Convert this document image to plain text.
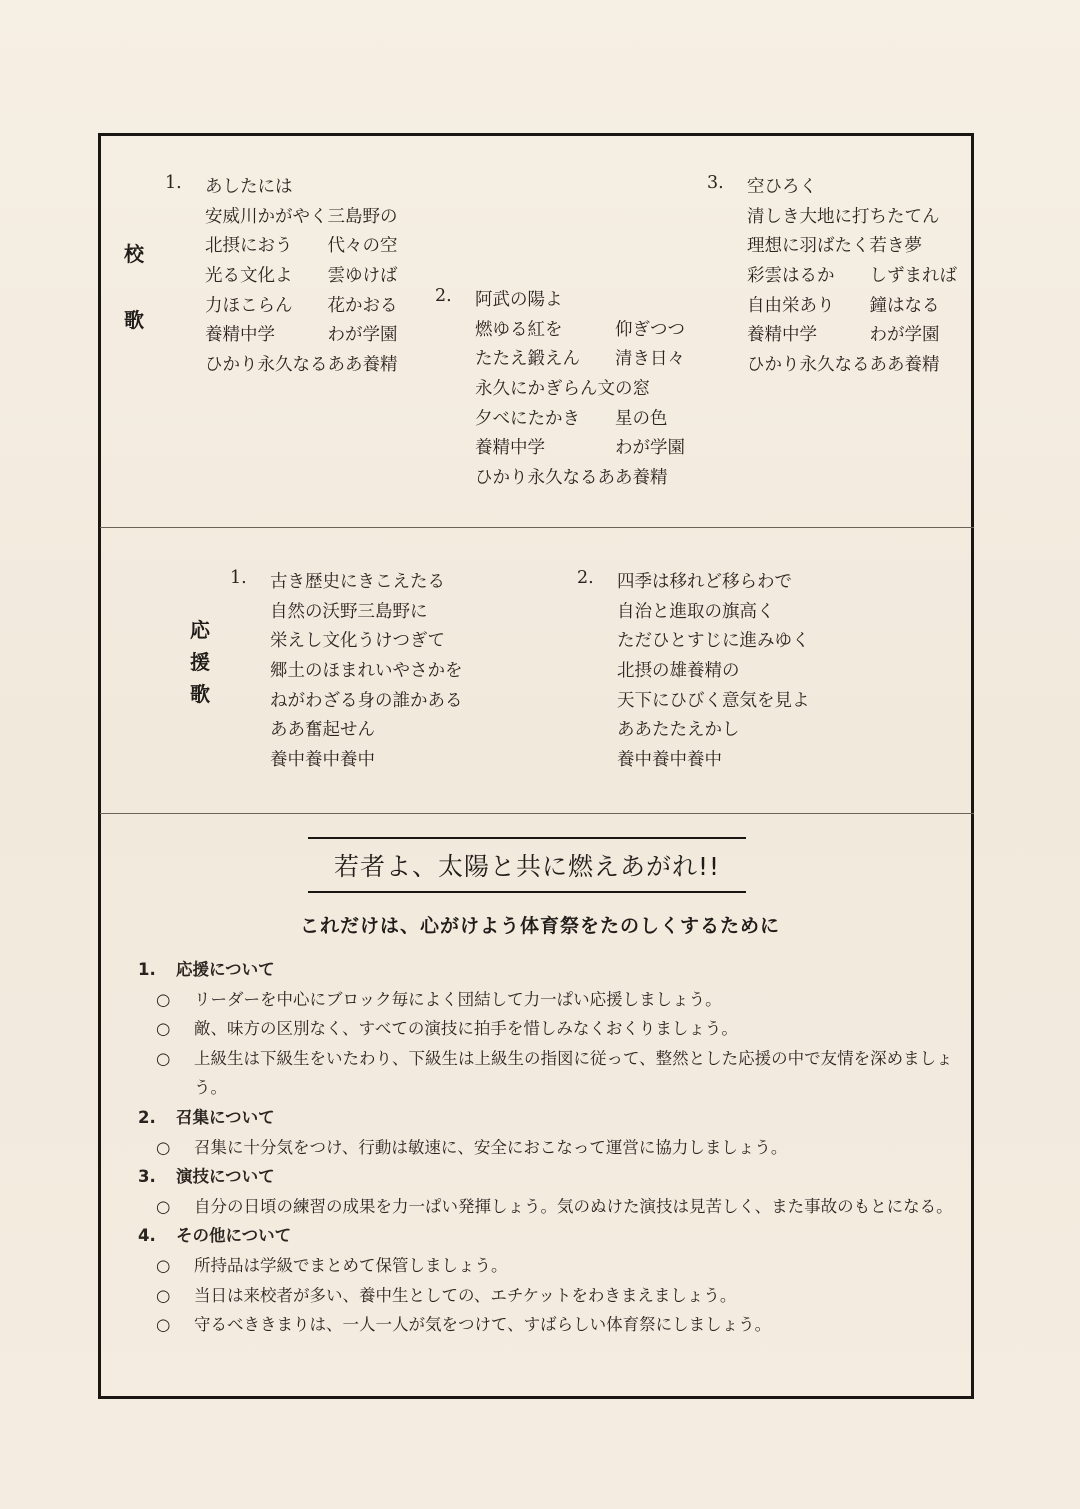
校
歌
1. あしたには
安威川かがやく三島野の
北摂におう　　代々の空
光る文化よ　　雲ゆけば
力ほこらん　　花かおる
養精中学　　　わが学園
ひかり永久なるああ養精
2. 阿武の陽よ
燃ゆる紅を　　　仰ぎつつ
たたえ鍛えん　　清き日々
永久にかぎらん文の窓
夕べにたかき　　星の色
養精中学　　　　わが学園
ひかり永久なるああ養精
3. 空ひろく
清しき大地に打ちたてん
理想に羽ばたく若き夢
彩雲はるか　　しずまれば
自由栄あり　　鐘はなる
養精中学　　　わが学園
ひかり永久なるああ養精
1. 古き歴史にきこえたる
自然の沃野三島野に
栄えし文化うけつぎて
郷土のほまれいやさかを
ねがわざる身の誰かある
ああ奮起せん
養中養中養中
2. 四季は移れど移らわで
自治と進取の旗高く
ただひとすじに進みゆく
北摂の雄養精の
天下にひびく意気を見よ
ああたたえかし
養中養中養中
応
援
歌
若者よ、太陽と共に燃えあがれ!!
これだけは、心がけよう体育祭をたのしくするために
1. 応援について
○ リーダーを中心にブロック毎によく団結して力一ぱい応援しましょう。
○ 敵、味方の区別なく、すべての演技に拍手を惜しみなくおくりましょう。
○ 上級生は下級生をいたわり、下級生は上級生の指図に従って、整然とした応援の中で友情を深めましょう。
2. 召集について
○ 召集に十分気をつけ、行動は敏速に、安全におこなって運営に協力しましょう。
3. 演技について
○ 自分の日頃の練習の成果を力一ぱい発揮しょう。気のぬけた演技は見苦しく、また事故のもとになる。
4. その他について
○ 所持品は学級でまとめて保管しましょう。
○ 当日は来校者が多い、養中生としての、エチケットをわきまえましょう。
○ 守るべききまりは、一人一人が気をつけて、すばらしい体育祭にしましょう。
